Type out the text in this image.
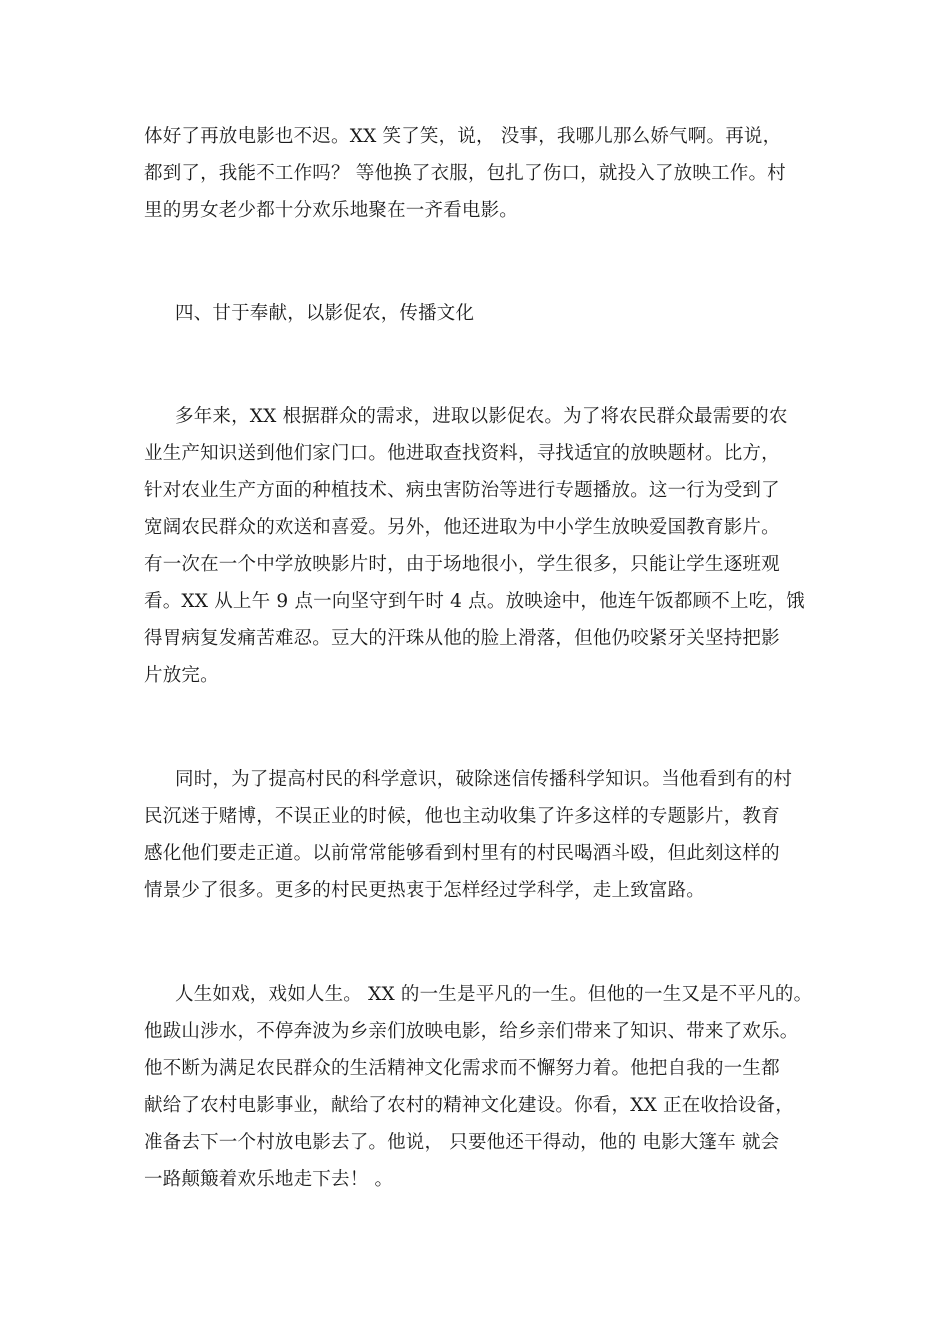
体好了再放电影也不迟。XX 笑了笑，说， 没事，我哪儿那么娇气啊。再说，
都到了，我能不工作吗？ 等他换了衣服，包扎了伤口，就投入了放映工作。村
里的男女老少都十分欢乐地聚在一齐看电影。
四、甘于奉献，以影促农，传播文化
多年来，XX 根据群众的需求，进取以影促农。为了将农民群众最需要的农
业生产知识送到他们家门口。他进取查找资料，寻找适宜的放映题材。比方，
针对农业生产方面的种植技术、病虫害防治等进行专题播放。这一行为受到了
宽阔农民群众的欢送和喜爱。另外，他还进取为中小学生放映爱国教育影片。
有一次在一个中学放映影片时，由于场地很小，学生很多，只能让学生逐班观
看。XX 从上午 9 点一向坚守到午时 4 点。放映途中，他连午饭都顾不上吃，饿
得胃病复发痛苦难忍。豆大的汗珠从他的脸上滑落，但他仍咬紧牙关坚持把影
片放完。
同时，为了提高村民的科学意识，破除迷信传播科学知识。当他看到有的村
民沉迷于赌博，不误正业的时候，他也主动收集了许多这样的专题影片，教育
感化他们要走正道。以前常常能够看到村里有的村民喝酒斗殴，但此刻这样的
情景少了很多。更多的村民更热衷于怎样经过学科学，走上致富路。
人生如戏，戏如人生。 XX 的一生是平凡的一生。但他的一生又是不平凡的。
他跋山涉水，不停奔波为乡亲们放映电影，给乡亲们带来了知识、带来了欢乐。
他不断为满足农民群众的生活精神文化需求而不懈努力着。他把自我的一生都
献给了农村电影事业，献给了农村的精神文化建设。你看，XX 正在收拾设备，
准备去下一个村放电影去了。他说， 只要他还干得动，他的 电影大篷车 就会
一路颠簸着欢乐地走下去！ 。
